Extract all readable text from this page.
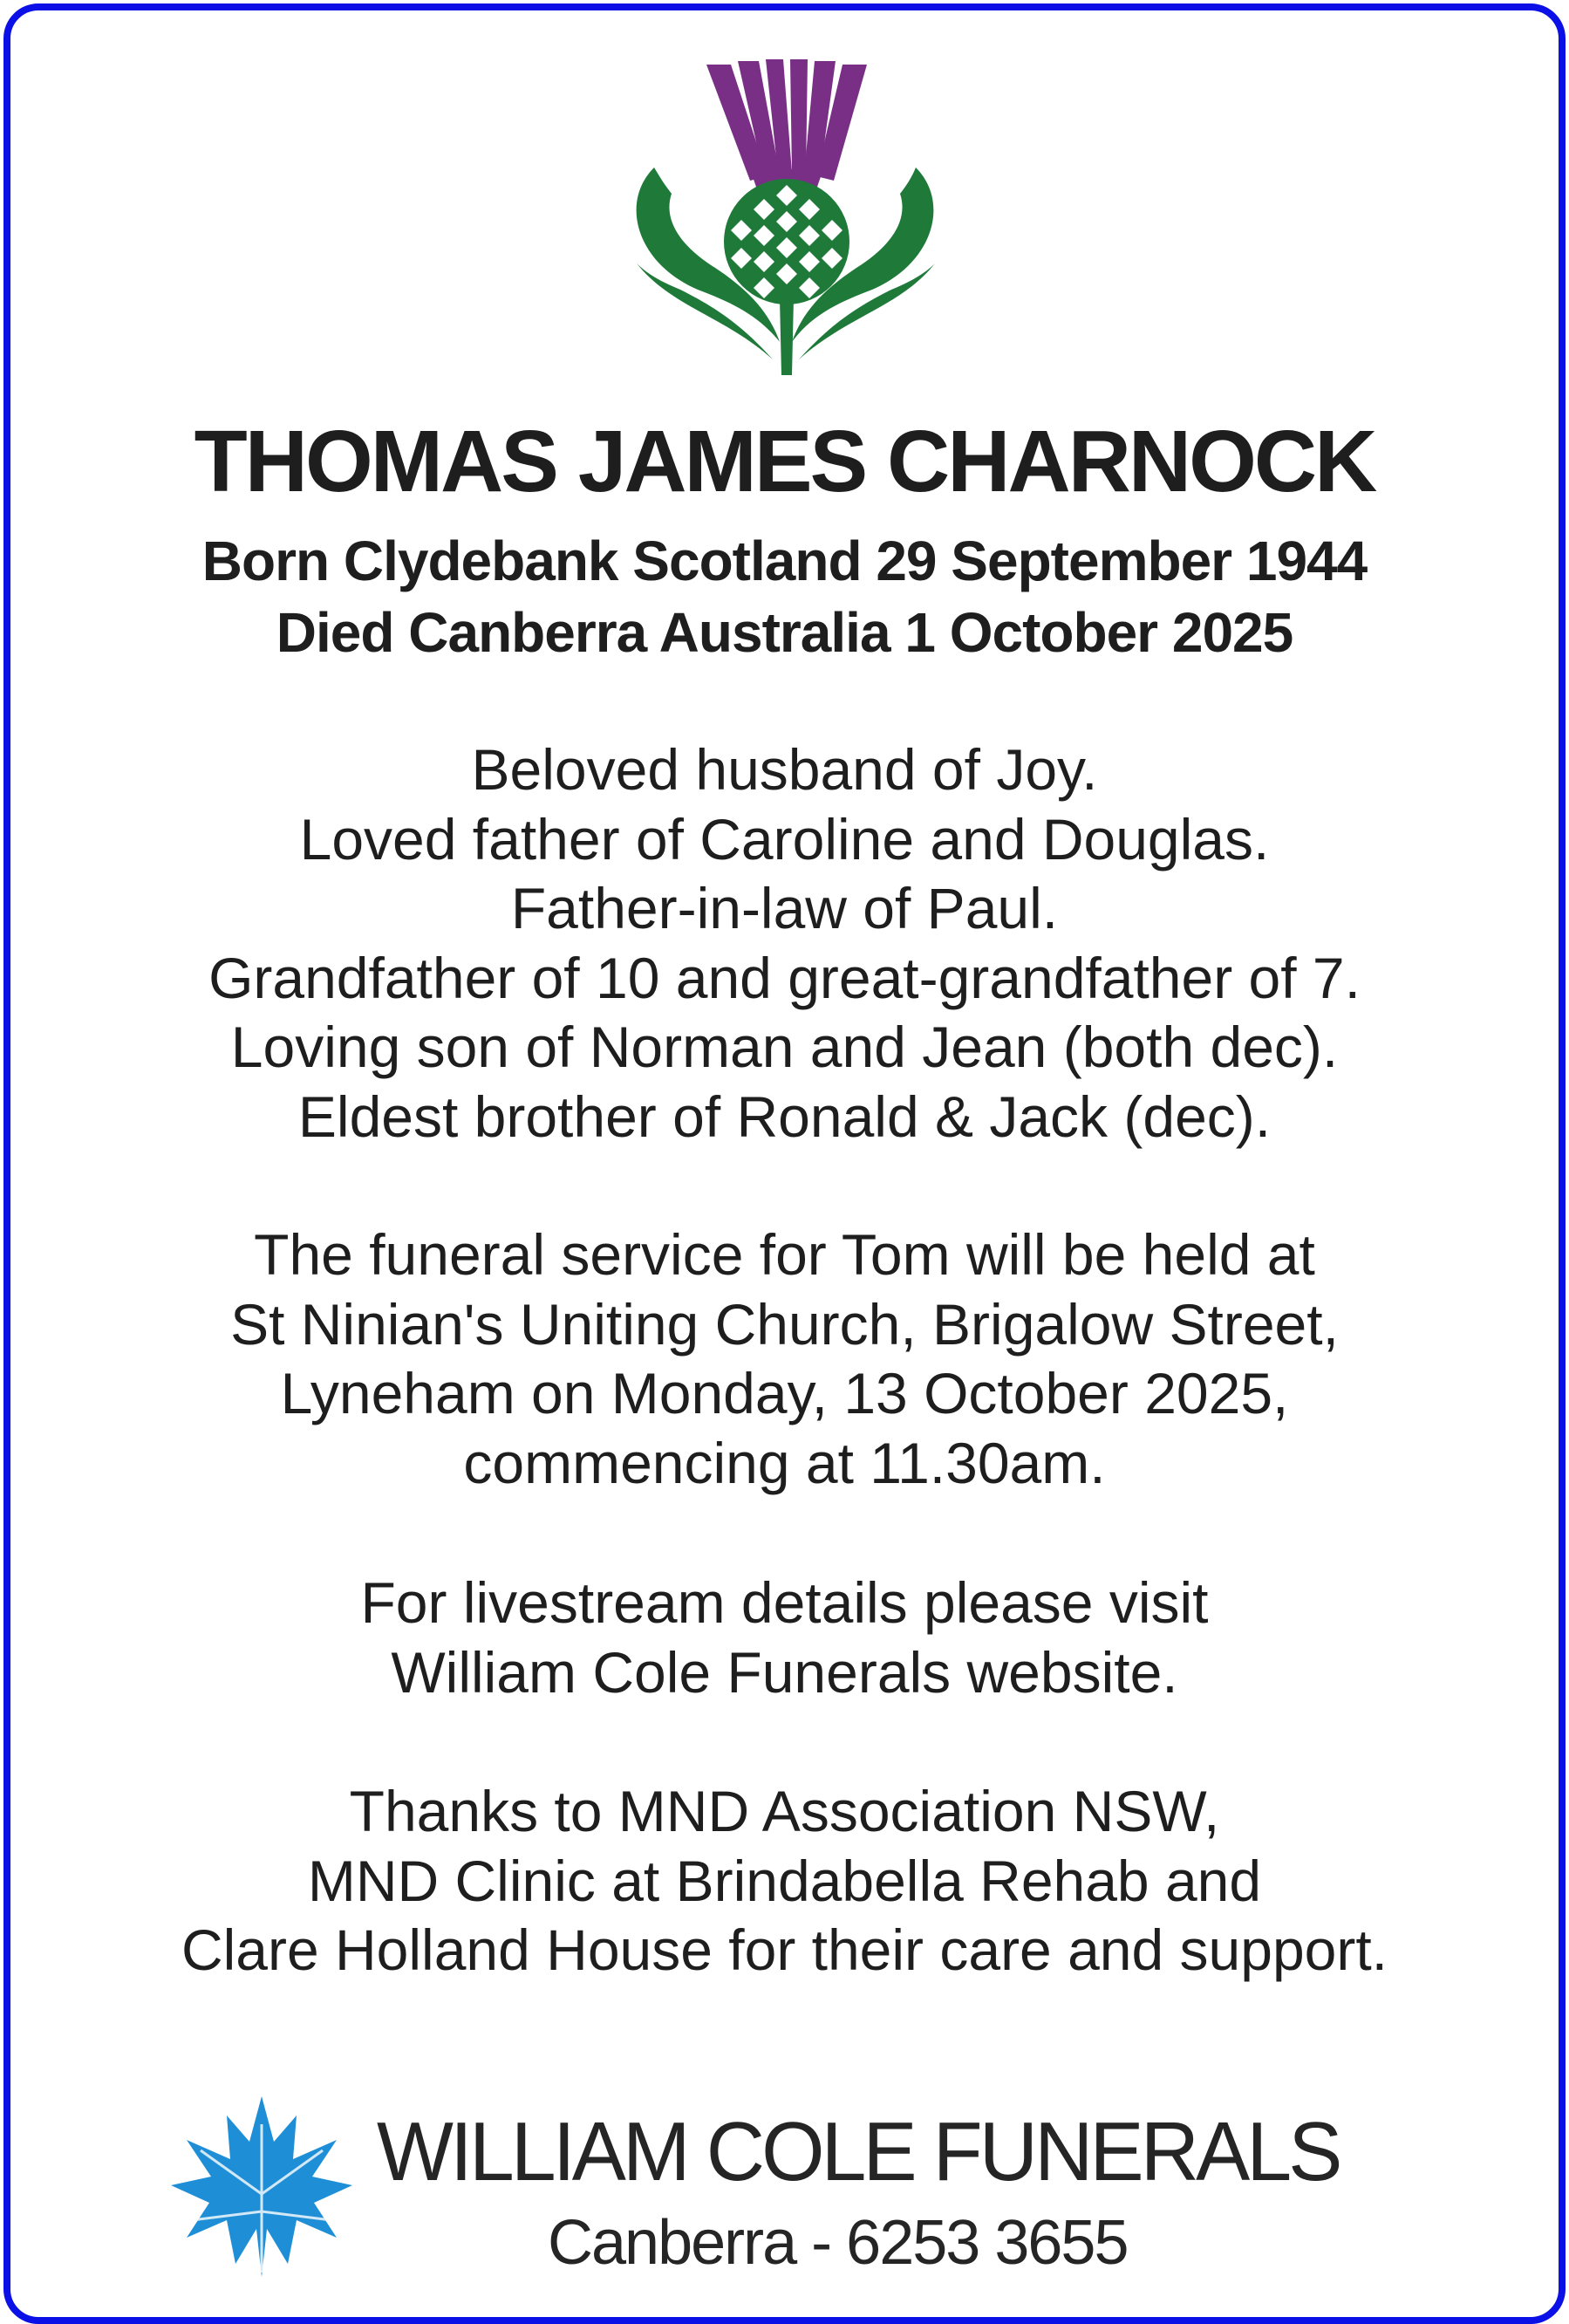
THOMAS JAMES CHARNOCK
Born Clydebank Scotland 29 September 1944
Died Canberra Australia 1 October 2025
Beloved husband of Joy.
Loved father of Caroline and Douglas.
Father-in-law of Paul.
Grandfather of 10 and great-grandfather of 7.
Loving son of Norman and Jean (both dec).
Eldest brother of Ronald & Jack (dec).
The funeral service for Tom will be held at
St Ninian's Uniting Church, Brigalow Street,
Lyneham on Monday, 13 October 2025,
commencing at 11.30am.
For livestream details please visit
William Cole Funerals website.
Thanks to MND Association NSW,
MND Clinic at Brindabella Rehab and
Clare Holland House for their care and support.
WILLIAM COLE FUNERALS
Canberra - 6253 3655
